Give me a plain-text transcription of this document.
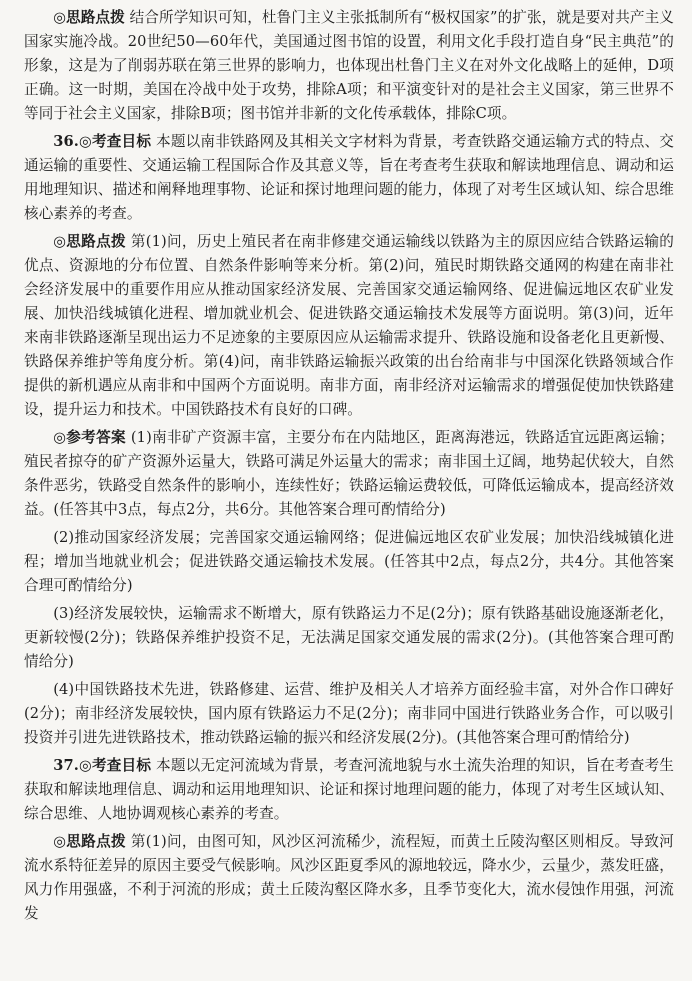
◎思路点拨 结合所学知识可知，杜鲁门主义主张抵制所有“极权国家”的扩张，就是要对共产主义国家实施冷战。20世纪50—60年代，美国通过图书馆的设置，利用文化手段打造自身“民主典范”的形象，这是为了削弱苏联在第三世界的影响力，也体现出杜鲁门主义在对外文化战略上的延伸，D项正确。这一时期，美国在冷战中处于攻势，排除A项；和平演变针对的是社会主义国家，第三世界不等同于社会主义国家，排除B项；图书馆并非新的文化传承载体，排除C项。

36.◎考查目标 本题以南非铁路网及其相关文字材料为背景，考查铁路交通运输方式的特点、交通运输的重要性、交通运输工程国际合作及其意义等，旨在考查考生获取和解读地理信息、调动和运用地理知识、描述和阐释地理事物、论证和探讨地理问题的能力，体现了对考生区域认知、综合思维核心素养的考查。

◎思路点拨 第(1)问，历史上殖民者在南非修建交通运输线以铁路为主的原因应结合铁路运输的优点、资源地的分布位置、自然条件影响等来分析。第(2)问，殖民时期铁路交通网的构建在南非社会经济发展中的重要作用应从推动国家经济发展、完善国家交通运输网络、促进偏远地区农矿业发展、加快沿线城镇化进程、增加就业机会、促进铁路交通运输技术发展等方面说明。第(3)问，近年来南非铁路逐渐呈现出运力不足迹象的主要原因应从运输需求提升、铁路设施和设备老化且更新慢、铁路保养维护等角度分析。第(4)问，南非铁路运输振兴政策的出台给南非与中国深化铁路领域合作提供的新机遇应从南非和中国两个方面说明。南非方面，南非经济对运输需求的增强促使加快铁路建设，提升运力和技术。中国铁路技术有良好的口碑。

◎参考答案 (1)南非矿产资源丰富，主要分布在内陆地区，距离海港远，铁路适宜远距离运输；殖民者掠夺的矿产资源外运量大，铁路可满足外运量大的需求；南非国土辽阔，地势起伏较大，自然条件恶劣，铁路受自然条件的影响小，连续性好；铁路运输运费较低，可降低运输成本，提高经济效益。(任答其中3点，每点2分，共6分。其他答案合理可酌情给分)

(2)推动国家经济发展；完善国家交通运输网络；促进偏远地区农矿业发展；加快沿线城镇化进程；增加当地就业机会；促进铁路交通运输技术发展。(任答其中2点，每点2分，共4分。其他答案合理可酌情给分)

(3)经济发展较快，运输需求不断增大，原有铁路运力不足(2分)；原有铁路基础设施逐渐老化，更新较慢(2分)；铁路保养维护投资不足，无法满足国家交通发展的需求(2分)。(其他答案合理可酌情给分)

(4)中国铁路技术先进，铁路修建、运营、维护及相关人才培养方面经验丰富，对外合作口碑好(2分)；南非经济发展较快，国内原有铁路运力不足(2分)；南非同中国进行铁路业务合作，可以吸引投资并引进先进铁路技术，推动铁路运输的振兴和经济发展(2分)。(其他答案合理可酌情给分)

37.◎考查目标 本题以无定河流域为背景，考查河流地貌与水土流失治理的知识，旨在考查考生获取和解读地理信息、调动和运用地理知识、论证和探讨地理问题的能力，体现了对考生区域认知、综合思维、人地协调观核心素养的考查。

◎思路点拨 第(1)问，由图可知，风沙区河流稀少，流程短，而黄土丘陵沟壑区则相反。导致河流水系特征差异的原因主要受气候影响。风沙区距夏季风的源地较远，降水少，云量少，蒸发旺盛，风力作用强盛，不利于河流的形成；黄土丘陵沟壑区降水多，且季节变化大，流水侵蚀作用强，河流发
